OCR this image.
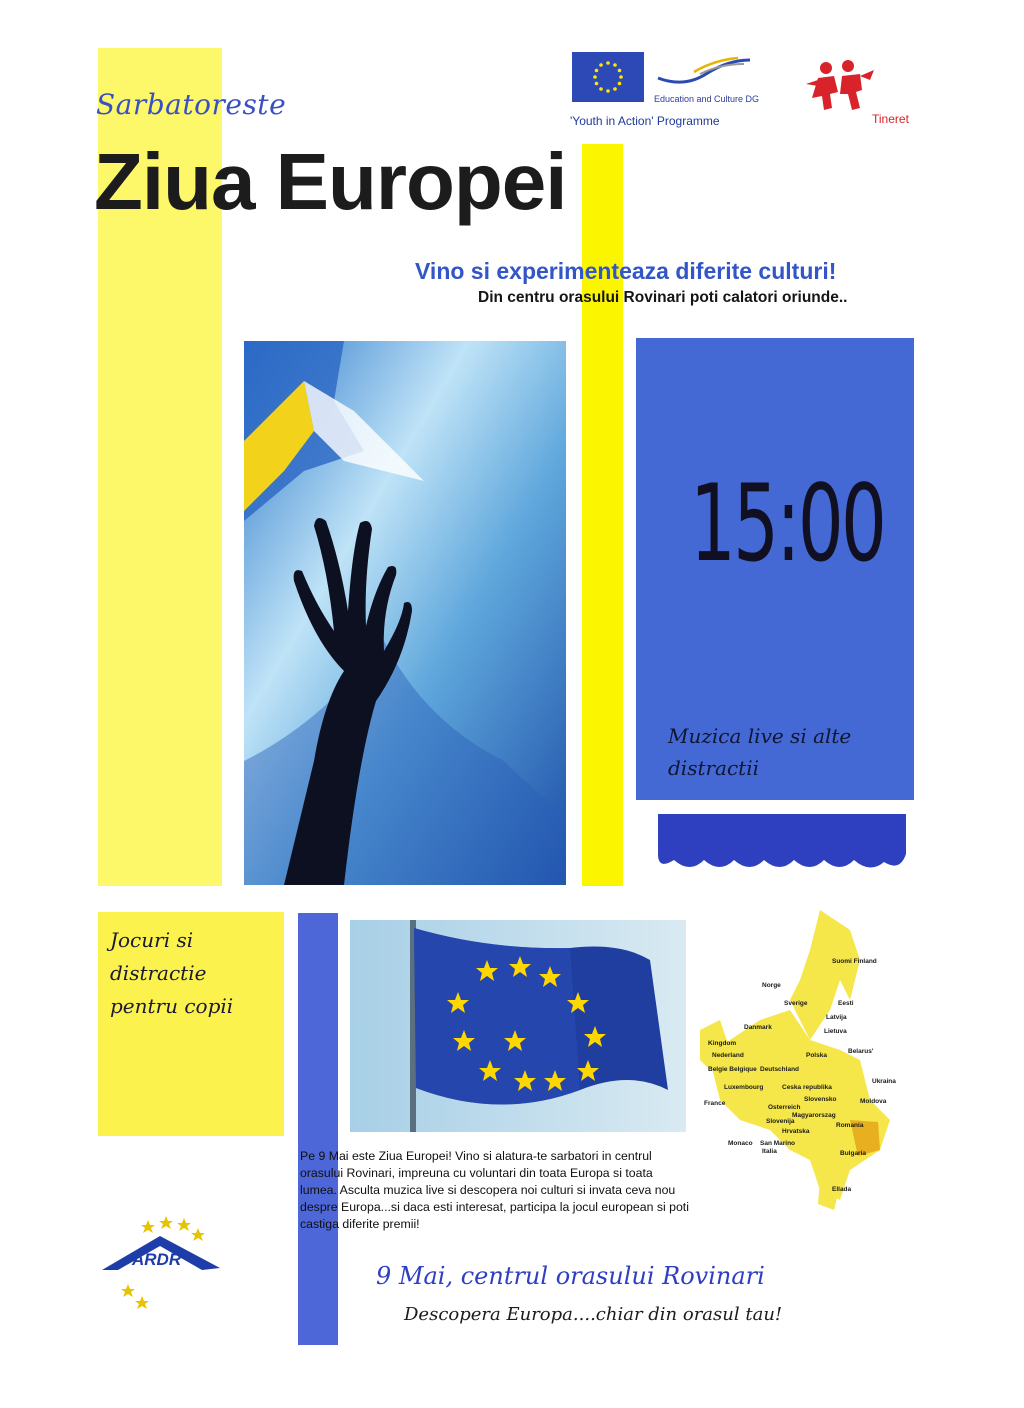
Sarbatoreste
Ziua Europei
Education and Culture DG
'Youth in Action' Programme	Tineret
Vino si experimenteaza diferite culturi!
Din centru orasului Rovinari poti calatori oriunde..
15:00
Muzica live si alte distractii
Jocuri si distractie pentru copii
Suomi Finland
Norge
Sverige	Eesti
Latvija
Lietuva
Danmark
Kingdom
Nederland
Belgie Belgique Deutschland
Polska
Belarus'
Luxembourg	Ceska republika
Ukraina
France
Slovensko	Moldova
Osterreich
Magyarorszag
Romania
Slovenija
Hrvatska
Monaco San Marino
Italia	Bulgaria
Ellada
Pe 9 Mai este Ziua Europei! Vino si alatura-te sarbatori in centrul orasului Rovinari, impreuna cu voluntari din toata Europa si toata lumea. Asculta muzica live si descopera noi culturi si invata ceva nou despre Europa...si daca esti interesat, participa la jocul european si poti castiga diferite premii!
ARDR
9 Mai, centrul orasului Rovinari
Descopera Europa....chiar din orasul tau!
